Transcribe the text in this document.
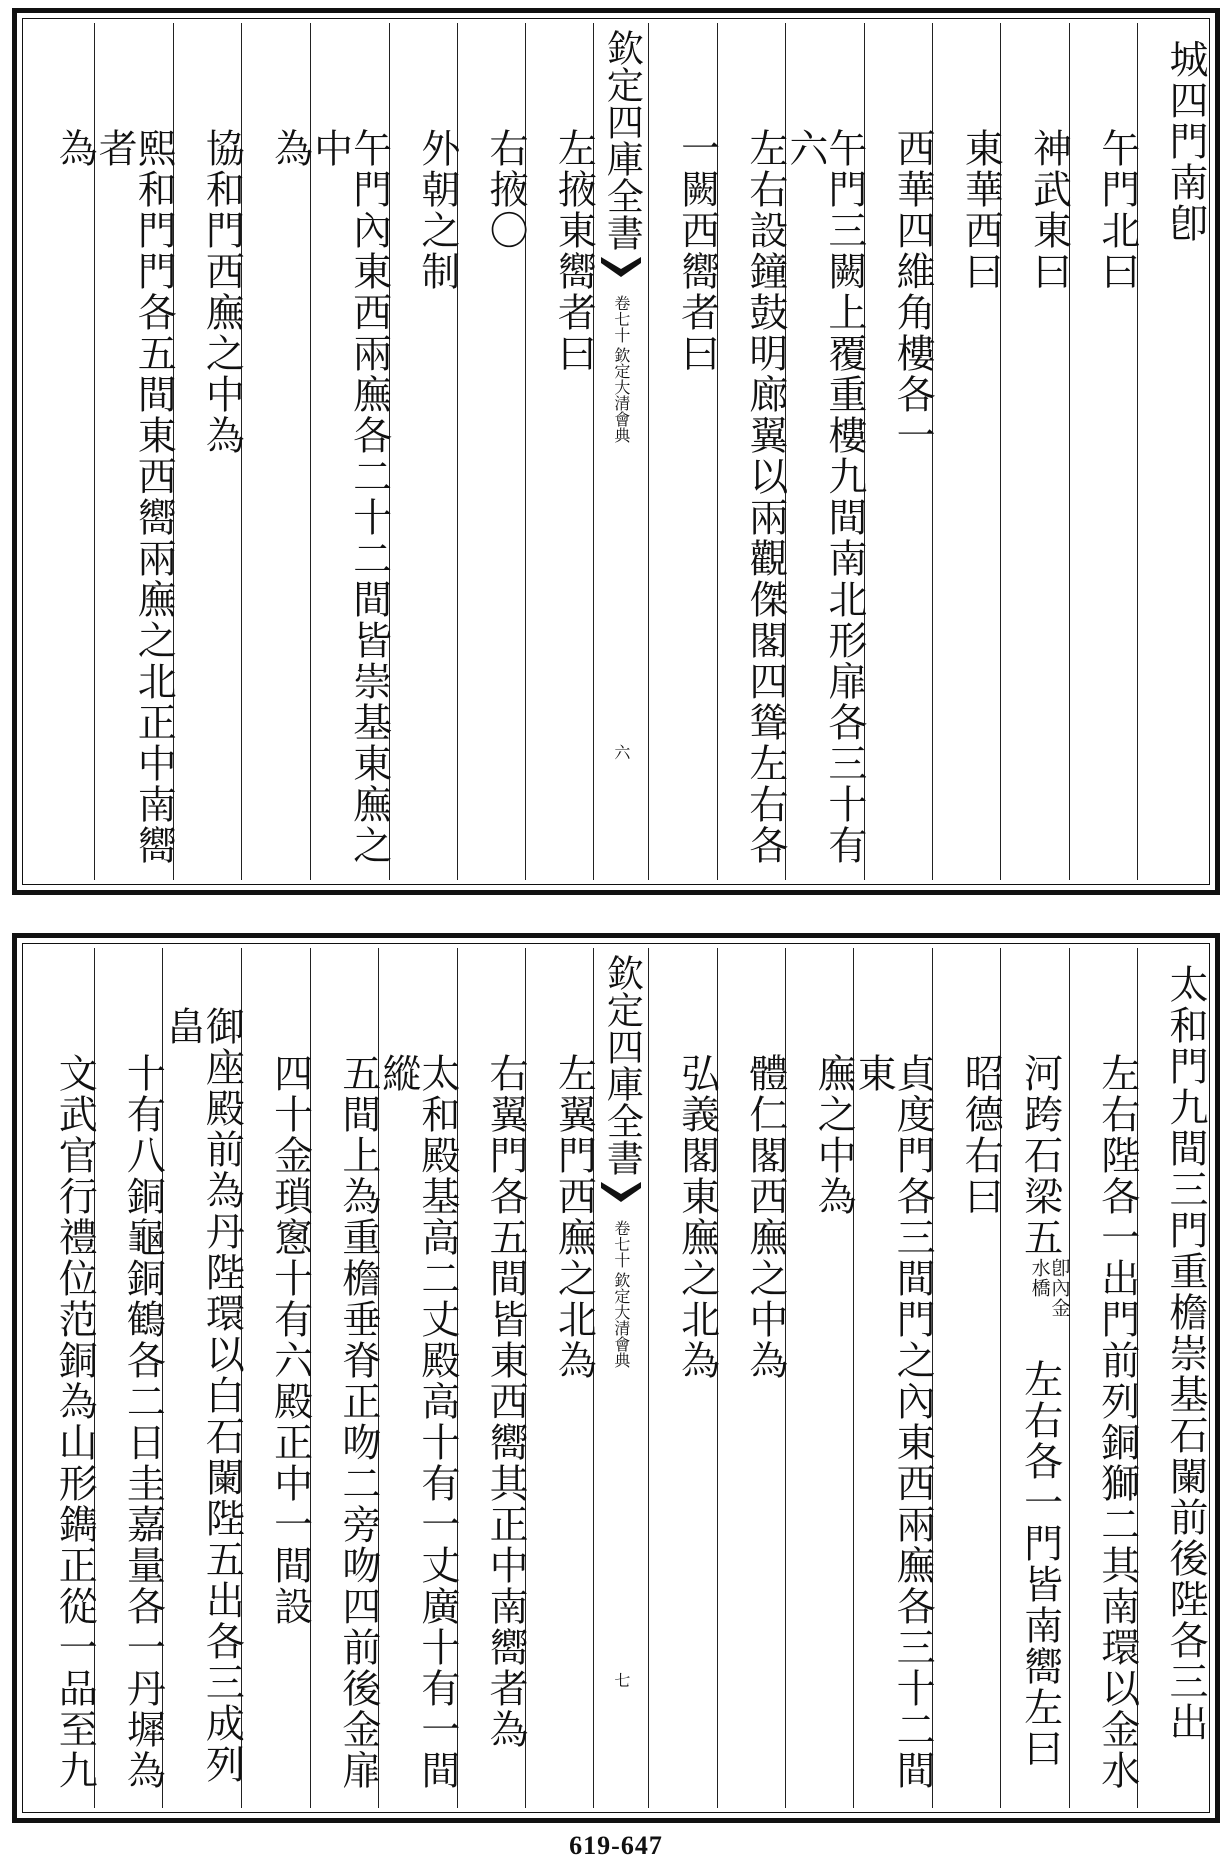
城四門南卽
午門北曰
神武東曰
東華西曰
西華四維角樓各一
午門三闕上覆重樓九間南北形扉各三十有六
左右設鐘鼓明廊翼以兩觀傑閣四聳左右各
一闕西嚮者曰
欽定四庫全書
欽定大清會典
卷七十
六
左掖東嚮者曰
右掖〇
外朝之制
午門內東西兩廡各二十二間皆崇基東廡之中
為
協和門西廡之中為
熙和門門各五間東西嚮兩廡之北正中南嚮者
為
太和門九間三門重檐崇基石闌前後陛各三出
左右陛各一出門前列銅獅二其南環以金水
河跨石梁五卽內金
水橋　左右各一門皆南嚮左曰
昭德右曰
貞度門各三間門之內東西兩廡各三十二間東
廡之中為
體仁閣西廡之中為
弘義閣東廡之北為
欽定四庫全書
欽定大清會典
卷七十
七
左翼門西廡之北為
右翼門各五間皆東西嚮其正中南嚮者為
太和殿基高二丈殿高十有一丈廣十有一間縱
五間上為重檐垂脊正吻二旁吻四前後金扉
四十金瑣窻十有六殿正中一間設
御座殿前為丹陛環以白石闌陛五出各三成列畠
十有八銅龜銅鶴各二日圭嘉量各一丹墀為
文武官行禮位范銅為山形鐫正從一品至九
619-647
